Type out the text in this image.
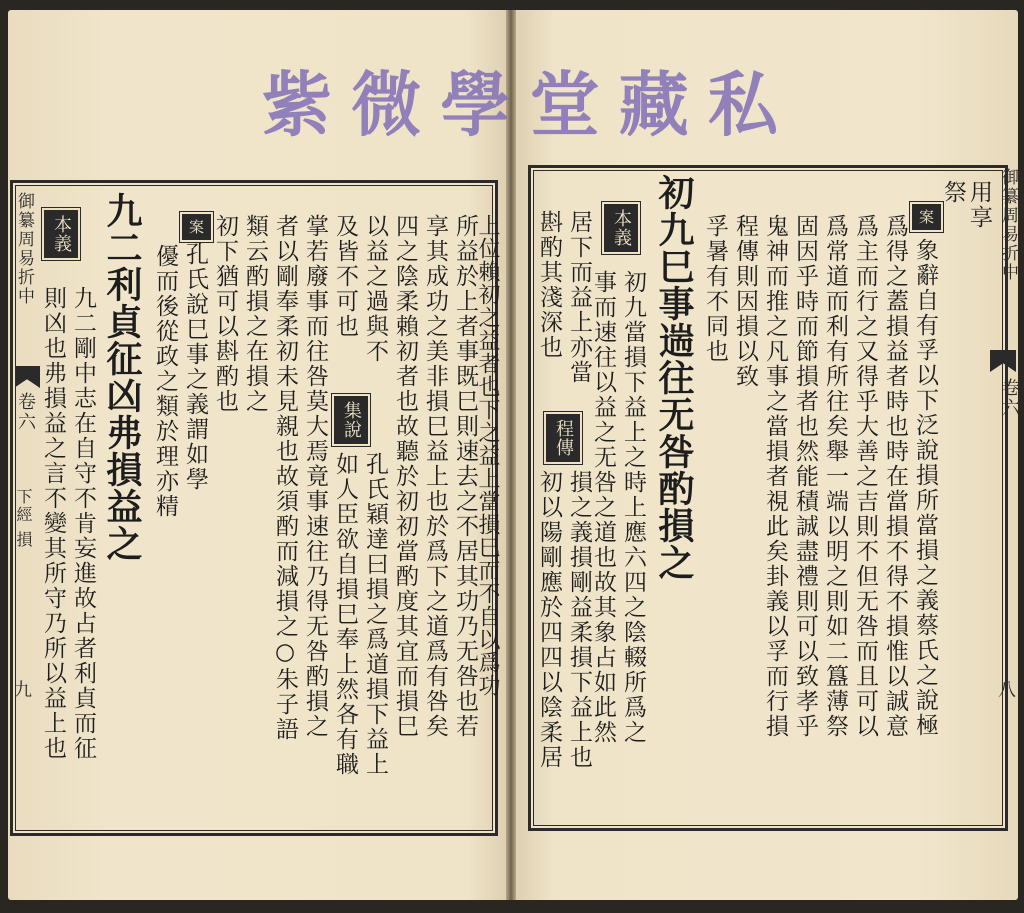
紫 微 學 堂 藏 私
御纂周易折中
卷六
下經 損
九 則凶也弗損益之言不變其所守乃所以益上也 九二剛中志在自守不肯妄進故占者利貞而征
本義 九二利貞征凶弗損益之 優而後從政之類於理亦精
案
孔氏說巳事之義謂如學 初下猶可以斟酌也 類云酌損之在損之 者以剛奉柔初未見親也故須酌而減損之○朱子語 掌若廢事而往咎莫大焉竟事速往乃得无咎酌損之 及皆不可也
集說
如人臣欲自損巳奉上然各有職
以益之過與不
孔氏穎達曰損之爲道損下益上 四之陰柔賴初者也故聽於初初當酌度其宜而損巳 享其成功之美非損巳益上也於爲下之道爲有咎矣 所益於上者事既巳則速去之不居其功乃无咎也若
上位賴初之益者也下之益上當損巳而不自以爲功 斟酌其淺深也 居下而益上亦當	本義
事而速往以益之无咎之道也故其象占如此然 初九當損下益上之時上應六四之陰輟所爲之
程傳
初以陽剛應於四四以陰柔居 損之義損剛益柔損下益上也
初九巳事遄往无咎酌損之 孚暑有不同也 程傳則因損以致 鬼神而推之凡事之當損者視此矣卦義以孚而行損 固因乎時而節損者也然能積誠盡禮則可以致孝乎 爲常道而利有所往矣舉一端以明之則如二簋薄祭 爲主而行之又得乎大善之吉則不但无咎而且可以 爲得之蓋損益者時也時在當損不得不損惟以誠意 案
象辭自有孚以下泛說損所當損之義蔡氏之說極
祭 用享 御纂周易折中
卷六
八
